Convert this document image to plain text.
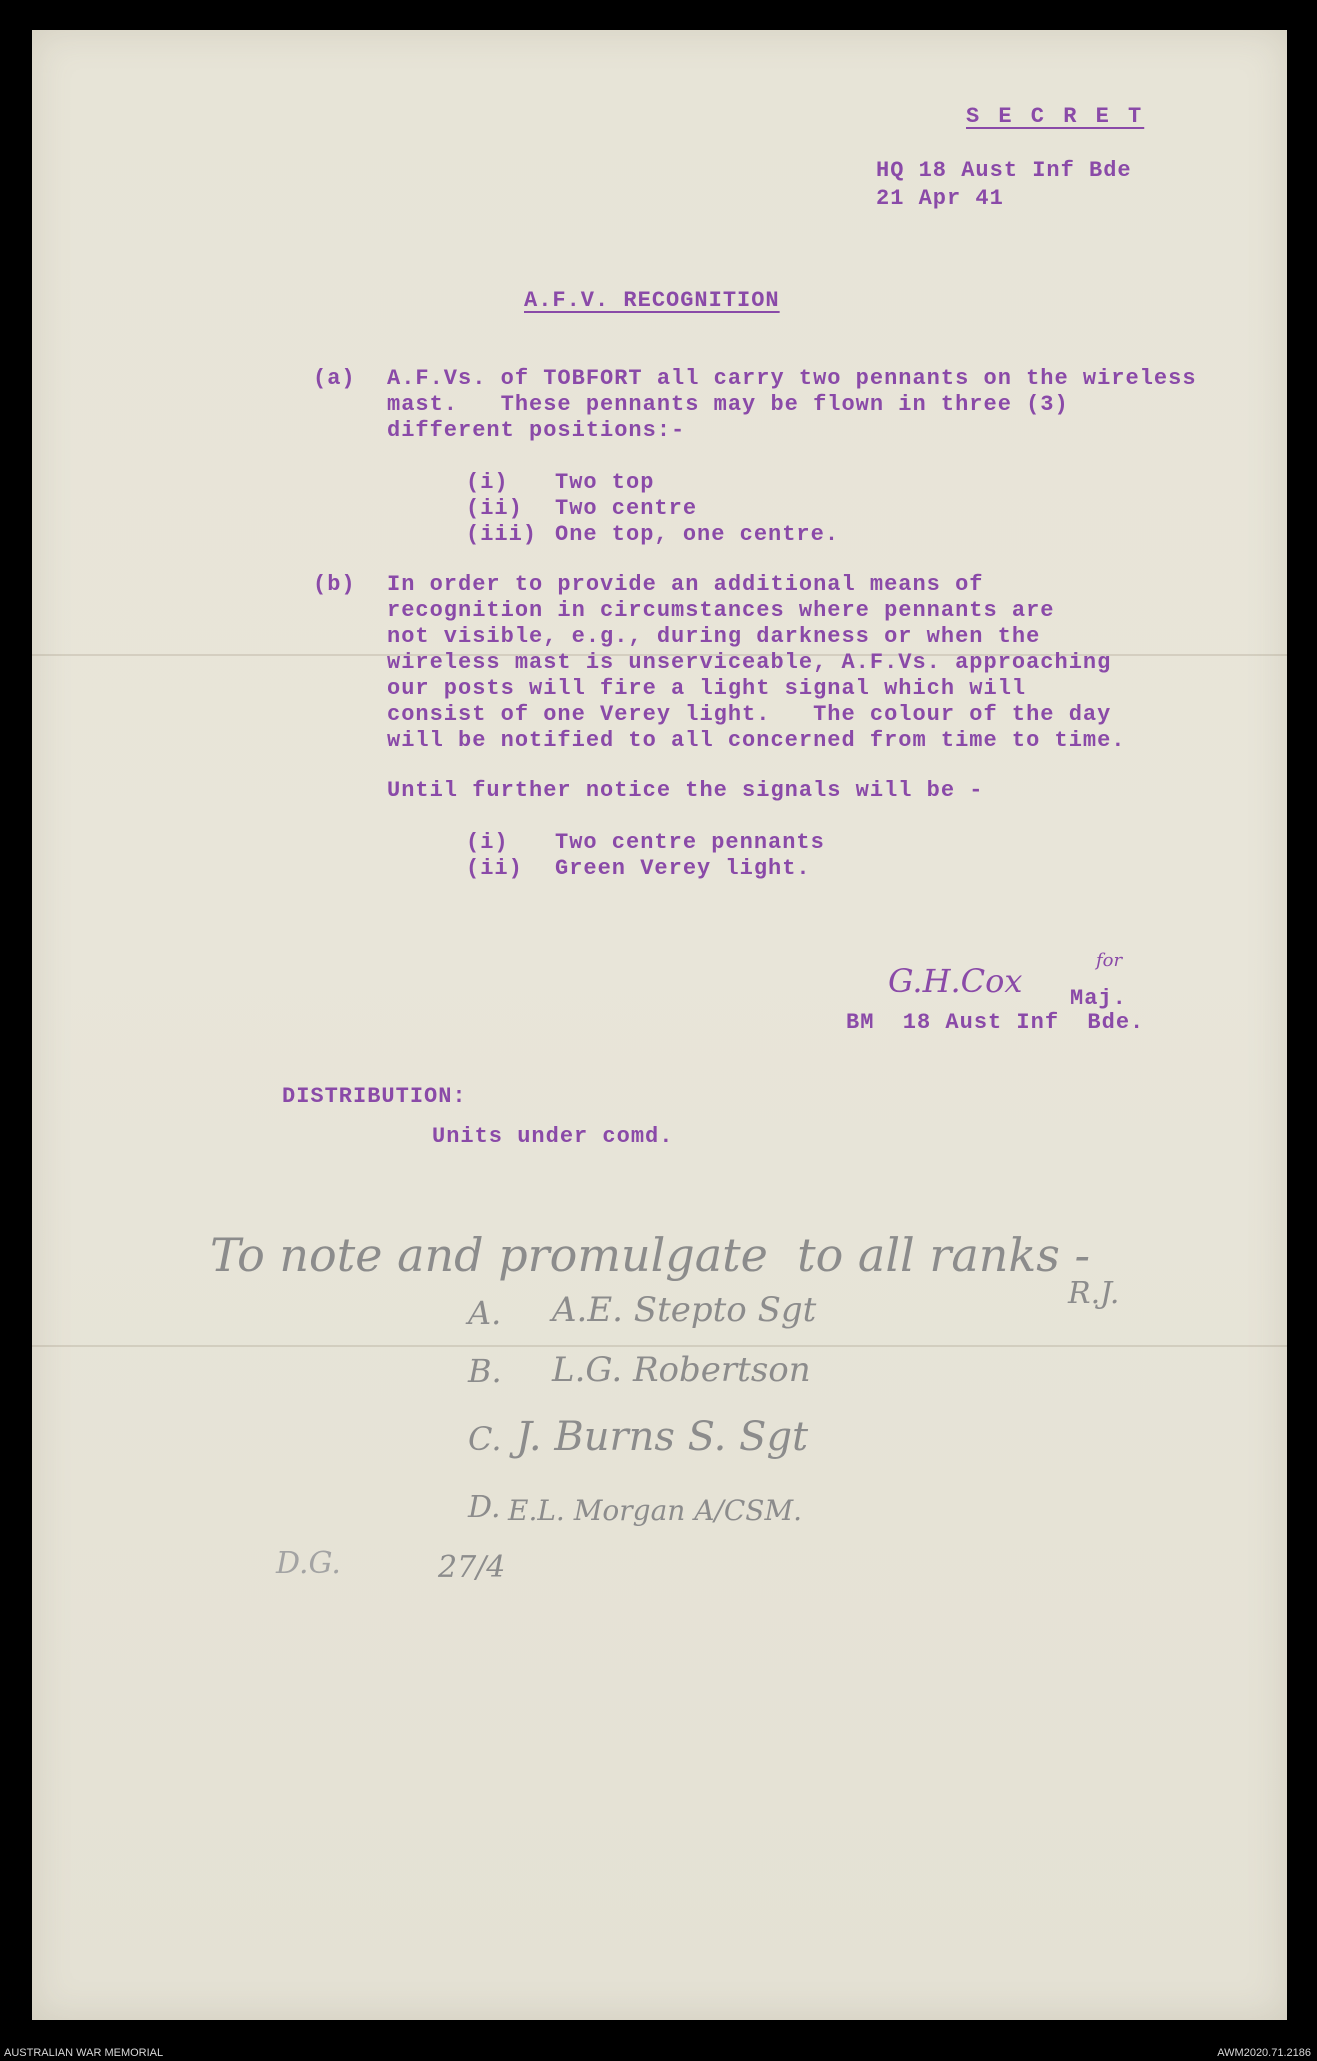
S E C R E T
HQ 18 Aust Inf Bde
21 Apr 41
A.F.V. RECOGNITION
(a) A.F.Vs. of TOBFORT all carry two pennants on the wireless
mast.   These pennants may be flown in three (3)
different positions:-
(i) Two top
(ii) Two centre
(iii) One top, one centre.
(b) In order to provide an additional means of
recognition in circumstances where pennants are
not visible, e.g., during darkness or when the
wireless mast is unserviceable, A.F.Vs. approaching
our posts will fire a light signal which will
consist of one Verey light.   The colour of the day
will be notified to all concerned from time to time.
Until further notice the signals will be -
(i) Two centre pennants
(ii) Green Verey light.
G.H.Cox
for
Maj.
BM  18 Aust Inf  Bde.
DISTRIBUTION:
Units under comd.
To note and promulgate  to all ranks -
R.J.
A. A.E. Stepto Sgt
B. L.G. Robertson
C. J. Burns S. Sgt
D. E.L. Morgan A/CSM.
D.G.	27/4
AUSTRALIAN WAR MEMORIAL	AWM2020.71.2186
